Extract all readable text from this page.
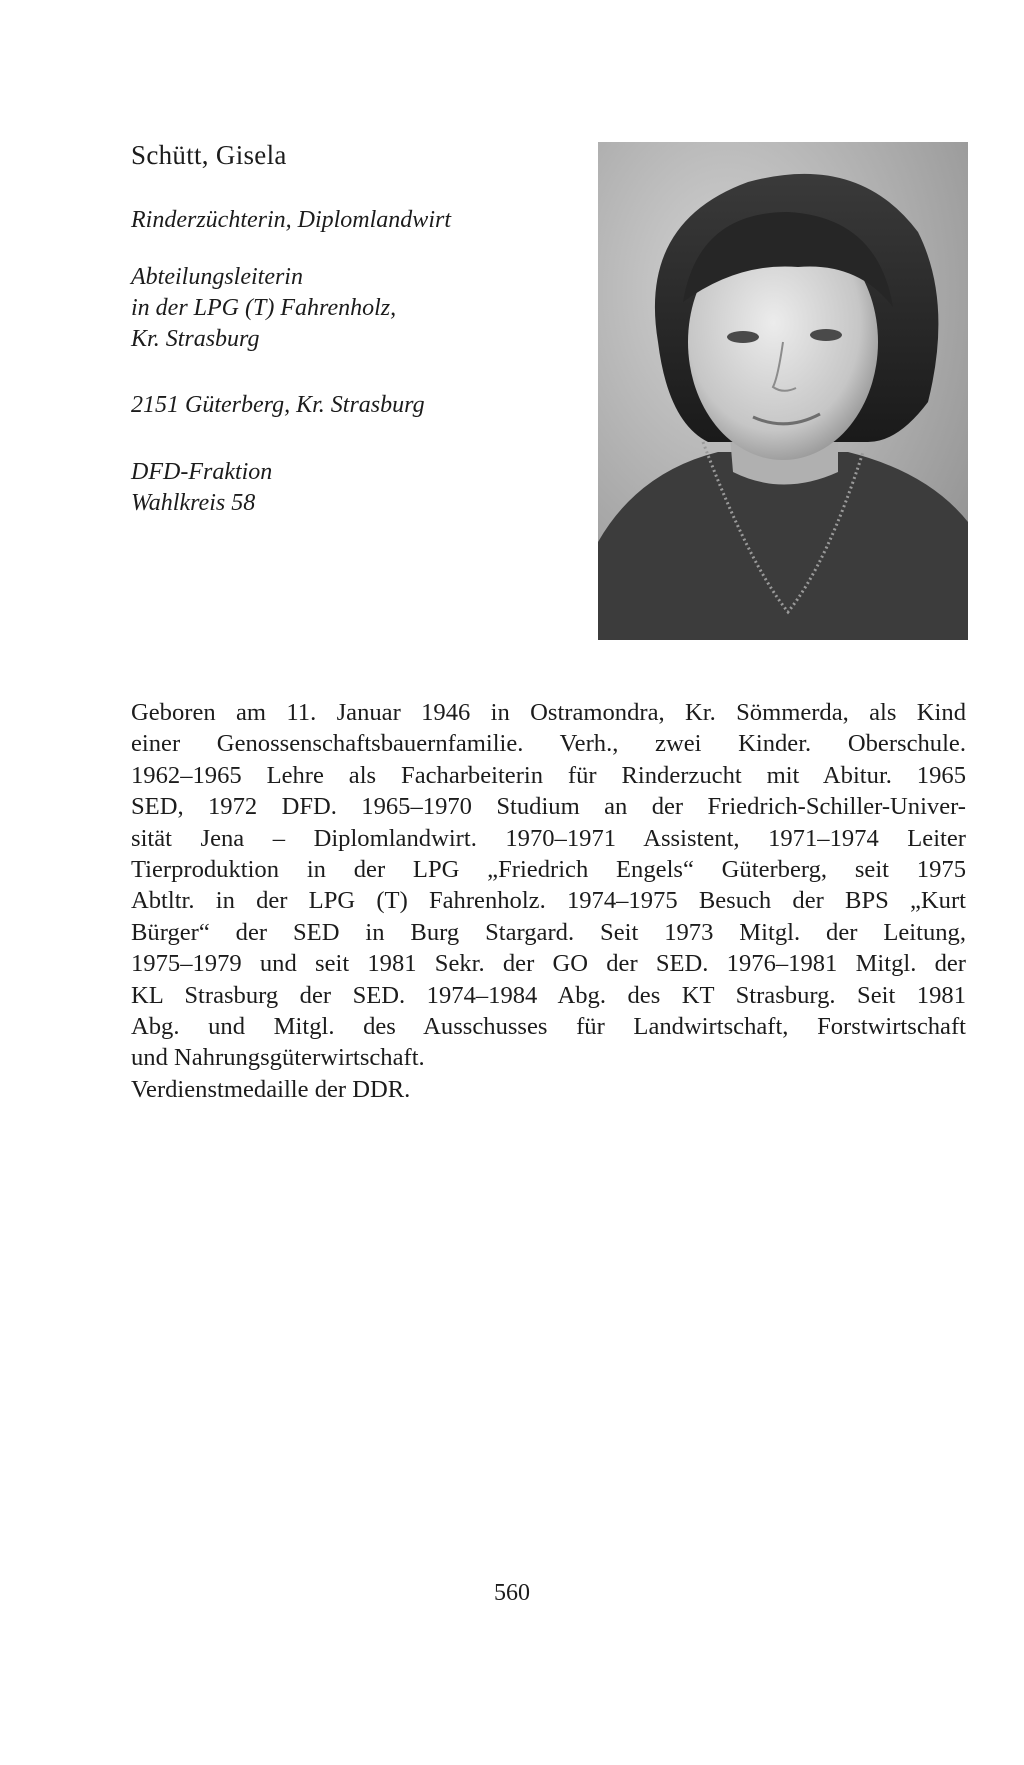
Schütt, Gisela
Rinderzüchterin, Diplomlandwirt
Abteilungsleiterin
in der LPG (T) Fahrenholz,
Kr. Strasburg
2151 Güterberg, Kr. Strasburg
DFD-Fraktion
Wahlkreis 58
Geboren am 11. Januar 1946 in Ostramondra, Kr. Sömmerda, als Kind
einer Genossenschaftsbauernfamilie. Verh., zwei Kinder. Oberschule.
1962–1965 Lehre als Facharbeiterin für Rinderzucht mit Abitur. 1965
SED, 1972 DFD. 1965–1970 Studium an der Friedrich-Schiller-Univer-
sität Jena – Diplomlandwirt. 1970–1971 Assistent, 1971–1974 Leiter
Tierproduktion in der LPG „Friedrich Engels“ Güterberg, seit 1975
Abtltr. in der LPG (T) Fahrenholz. 1974–1975 Besuch der BPS „Kurt
Bürger“ der SED in Burg Stargard. Seit 1973 Mitgl. der Leitung,
1975–1979 und seit 1981 Sekr. der GO der SED. 1976–1981 Mitgl. der
KL Strasburg der SED. 1974–1984 Abg. des KT Strasburg. Seit 1981
Abg. und Mitgl. des Ausschusses für Landwirtschaft, Forstwirtschaft
und Nahrungsgüterwirtschaft.
Verdienstmedaille der DDR.
560
